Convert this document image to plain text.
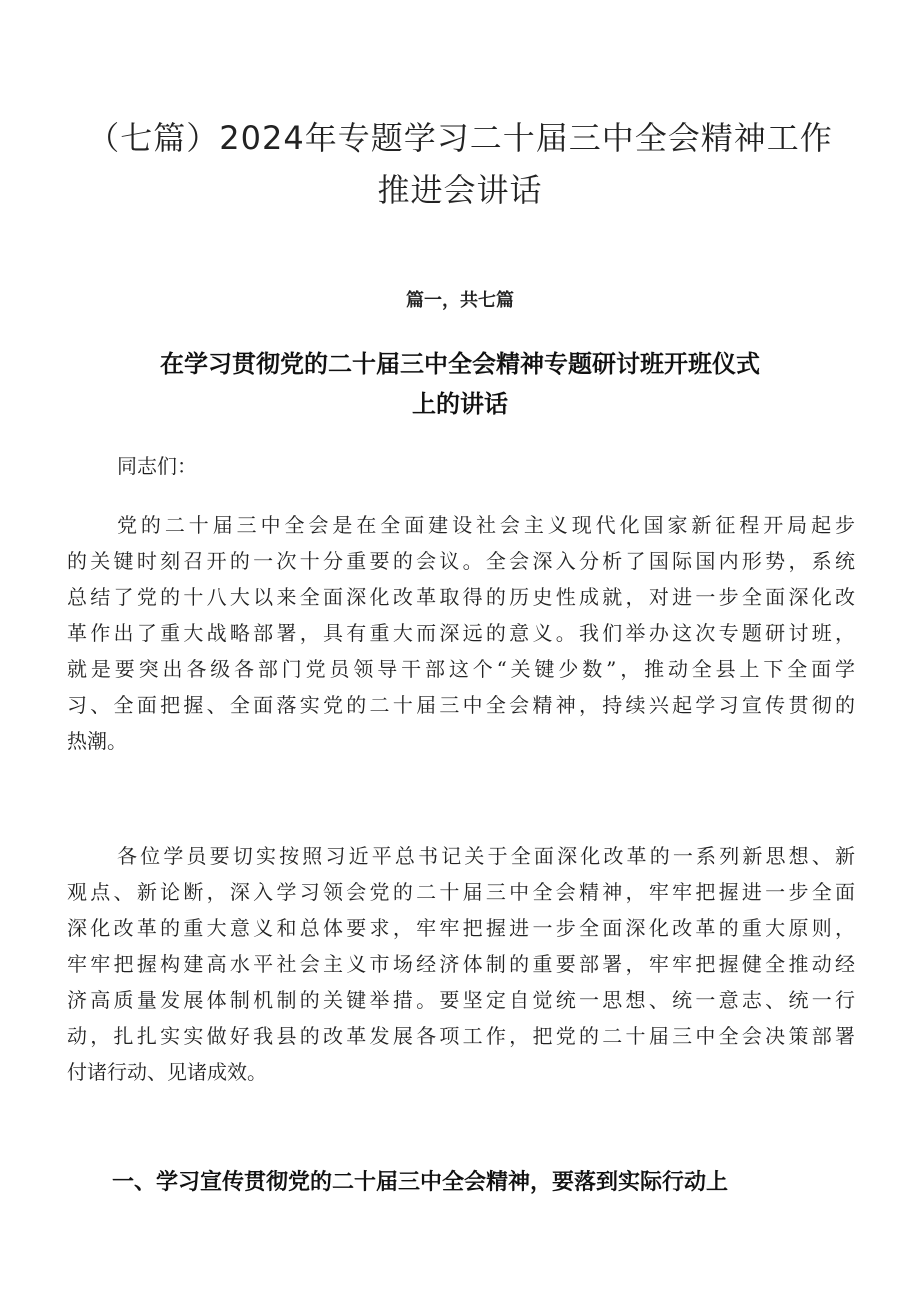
（七篇）2024年专题学习二十届三中全会精神工作
推进会讲话
篇一，共七篇
在学习贯彻党的二十届三中全会精神专题研讨班开班仪式
上的讲话
同志们：
党的二十届三中全会是在全面建设社会主义现代化国家新征程开局起步
的关键时刻召开的一次十分重要的会议。全会深入分析了国际国内形势，系统
总结了党的十八大以来全面深化改革取得的历史性成就，对进一步全面深化改
革作出了重大战略部署，具有重大而深远的意义。我们举办这次专题研讨班，
就是要突出各级各部门党员领导干部这个“关键少数”，推动全县上下全面学
习、全面把握、全面落实党的二十届三中全会精神，持续兴起学习宣传贯彻的
热潮。
各位学员要切实按照习近平总书记关于全面深化改革的一系列新思想、新
观点、新论断，深入学习领会党的二十届三中全会精神，牢牢把握进一步全面
深化改革的重大意义和总体要求，牢牢把握进一步全面深化改革的重大原则，
牢牢把握构建高水平社会主义市场经济体制的重要部署，牢牢把握健全推动经
济高质量发展体制机制的关键举措。要坚定自觉统一思想、统一意志、统一行
动，扎扎实实做好我县的改革发展各项工作，把党的二十届三中全会决策部署
付诸行动、见诸成效。
一、学习宣传贯彻党的二十届三中全会精神，要落到实际行动上
